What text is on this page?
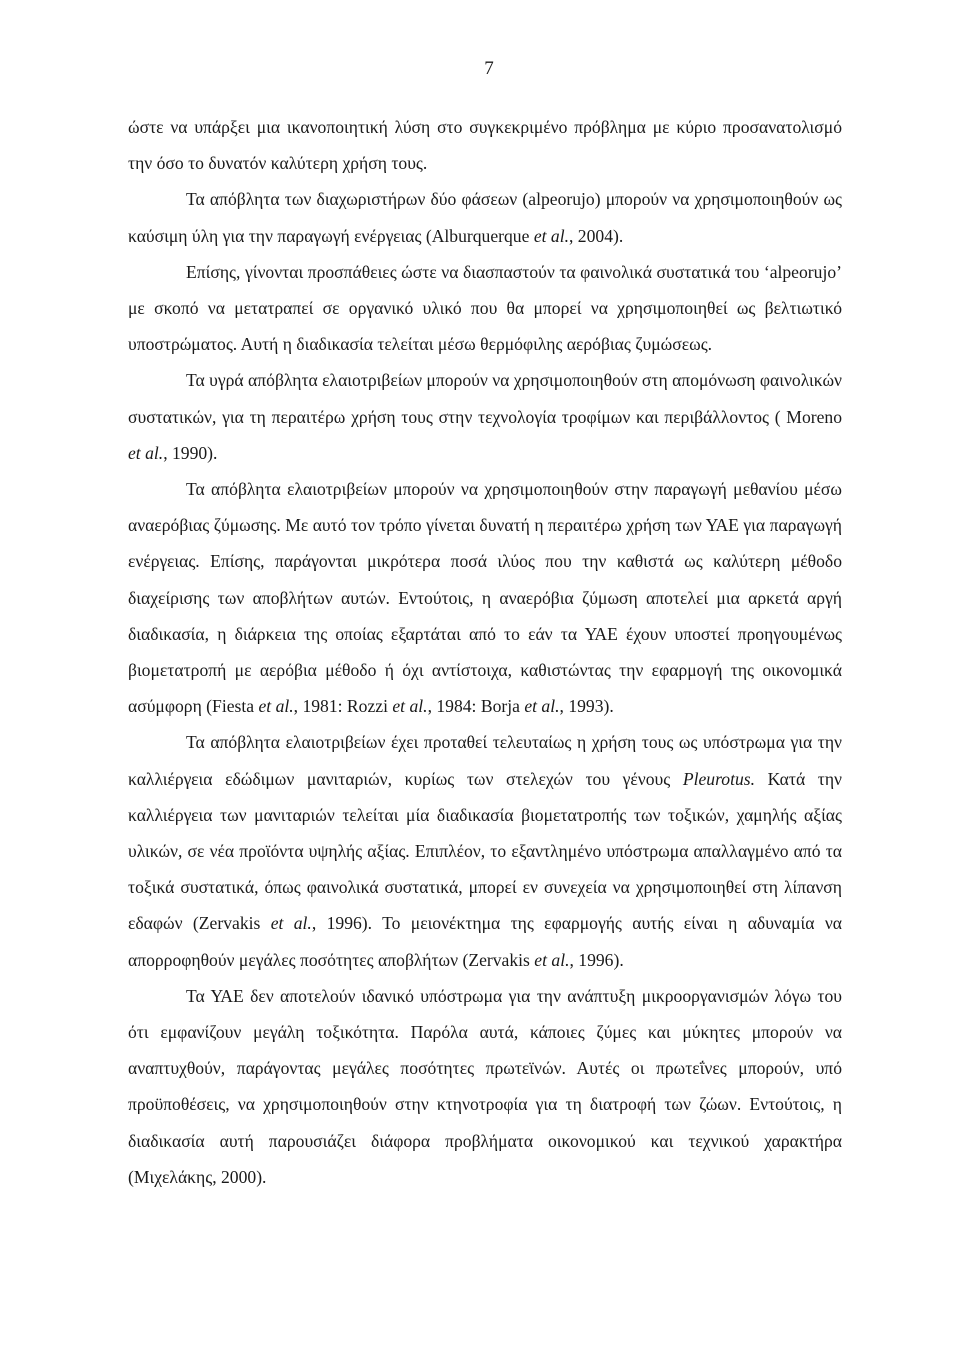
7

ώστε να υπάρξει μια ικανοποιητική λύση στο συγκεκριμένο πρόβλημα με κύριο προσανατολισμό την όσο το δυνατόν καλύτερη χρήση τους.

Τα απόβλητα των διαχωριστήρων δύο φάσεων (alpeorujo) μπορούν να χρησιμοποιηθούν ως καύσιμη ύλη για την παραγωγή ενέργειας (Alburquerque et al., 2004).

Επίσης, γίνονται προσπάθειες ώστε να διασπαστούν τα φαινολικά συστατικά του ‘alpeorujo’ με σκοπό να μετατραπεί σε οργανικό υλικό που θα μπορεί να χρησιμοποιηθεί ως βελτιωτικό υποστρώματος. Αυτή η διαδικασία τελείται μέσω θερμόφιλης αερόβιας ζυμώσεως.

Τα υγρά απόβλητα ελαιοτριβείων μπορούν να χρησιμοποιηθούν στη απομόνωση φαινολικών συστατικών, για τη περαιτέρω χρήση τους στην τεχνολογία τροφίμων και περιβάλλοντος ( Moreno et al., 1990).

Τα απόβλητα ελαιοτριβείων μπορούν να χρησιμοποιηθούν στην παραγωγή μεθανίου μέσω αναερόβιας ζύμωσης. Με αυτό τον τρόπο γίνεται δυνατή η περαιτέρω χρήση των ΥΑΕ για παραγωγή ενέργειας. Επίσης, παράγονται μικρότερα ποσά ιλύος που την καθιστά ως καλύτερη μέθοδο διαχείρισης των αποβλήτων αυτών. Εντούτοις, η αναερόβια ζύμωση αποτελεί μια αρκετά αργή διαδικασία, η διάρκεια της οποίας εξαρτάται από το εάν τα ΥΑΕ έχουν υποστεί προηγουμένως βιομετατροπή με αερόβια μέθοδο ή όχι αντίστοιχα, καθιστώντας την εφαρμογή της οικονομικά ασύμφορη (Fiesta et al., 1981: Rozzi et al., 1984: Borja et al., 1993).

Τα απόβλητα ελαιοτριβείων έχει προταθεί τελευταίως η χρήση τους ως υπόστρωμα για την καλλιέργεια εδώδιμων μανιταριών, κυρίως των στελεχών του γένους Pleurotus. Κατά την καλλιέργεια των μανιταριών τελείται μία διαδικασία βιομετατροπής των τοξικών, χαμηλής αξίας υλικών, σε νέα προϊόντα υψηλής αξίας. Επιπλέον, το εξαντλημένο υπόστρωμα απαλλαγμένο από τα τοξικά συστατικά, όπως φαινολικά συστατικά, μπορεί εν συνεχεία να χρησιμοποιηθεί στη λίπανση εδαφών (Zervakis et al., 1996). Το μειονέκτημα της εφαρμογής αυτής είναι η αδυναμία να απορροφηθούν μεγάλες ποσότητες αποβλήτων (Zervakis et al., 1996).

Τα ΥΑΕ δεν αποτελούν ιδανικό υπόστρωμα για την ανάπτυξη μικροοργανισμών λόγω του ότι εμφανίζουν μεγάλη τοξικότητα. Παρόλα αυτά, κάποιες ζύμες και μύκητες μπορούν να αναπτυχθούν, παράγοντας μεγάλες ποσότητες πρωτεϊνών. Αυτές οι πρωτεΐνες μπορούν, υπό προϋποθέσεις, να χρησιμοποιηθούν στην κτηνοτροφία για τη διατροφή των ζώων. Εντούτοις, η διαδικασία αυτή παρουσιάζει διάφορα προβλήματα οικονομικού και τεχνικού χαρακτήρα (Μιχελάκης, 2000).
